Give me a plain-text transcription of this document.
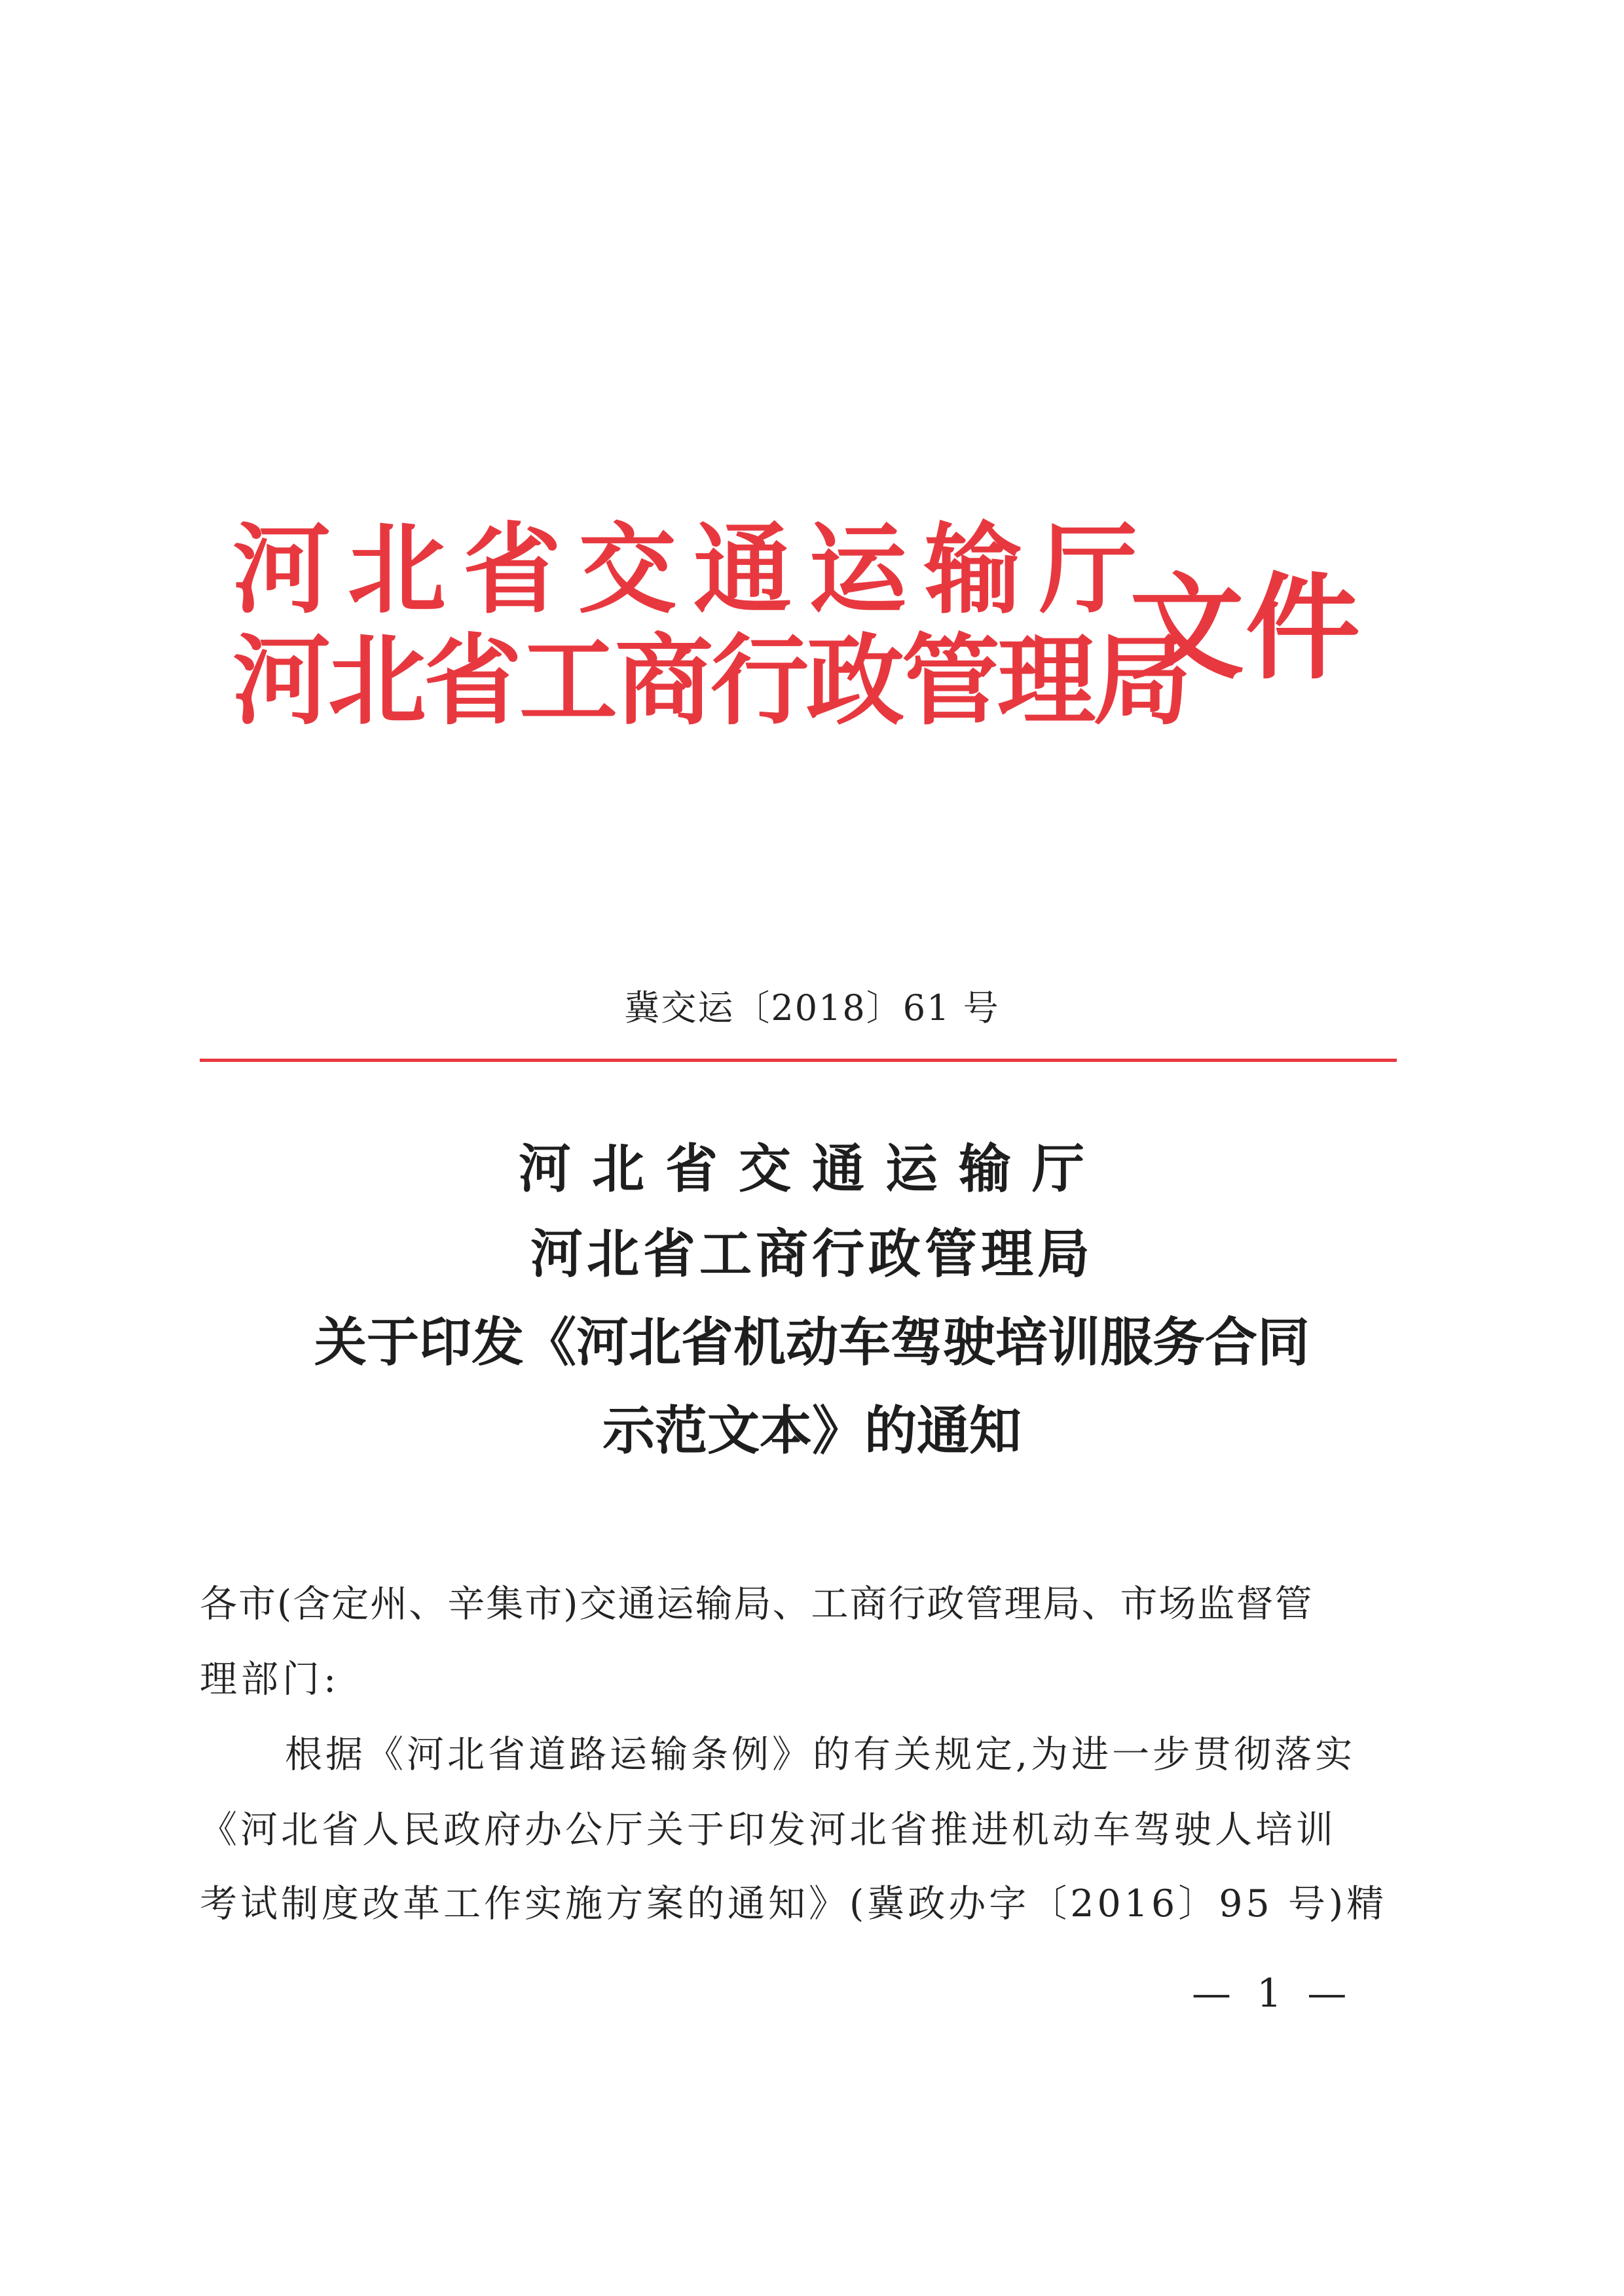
河北省交通运输厅
河北省工商行政管理局
文件
冀交运〔2018〕61 号
河北省交通运输厅
河北省工商行政管理局
关于印发《河北省机动车驾驶培训服务合同
示范文本》的通知
各市(含定州、辛集市)交通运输局、工商行政管理局、市场监督管
理部门:
根据《河北省道路运输条例》的有关规定,为进一步贯彻落实
《河北省人民政府办公厅关于印发河北省推进机动车驾驶人培训
考试制度改革工作实施方案的通知》(冀政办字〔2016〕95 号)精
— 1 —
